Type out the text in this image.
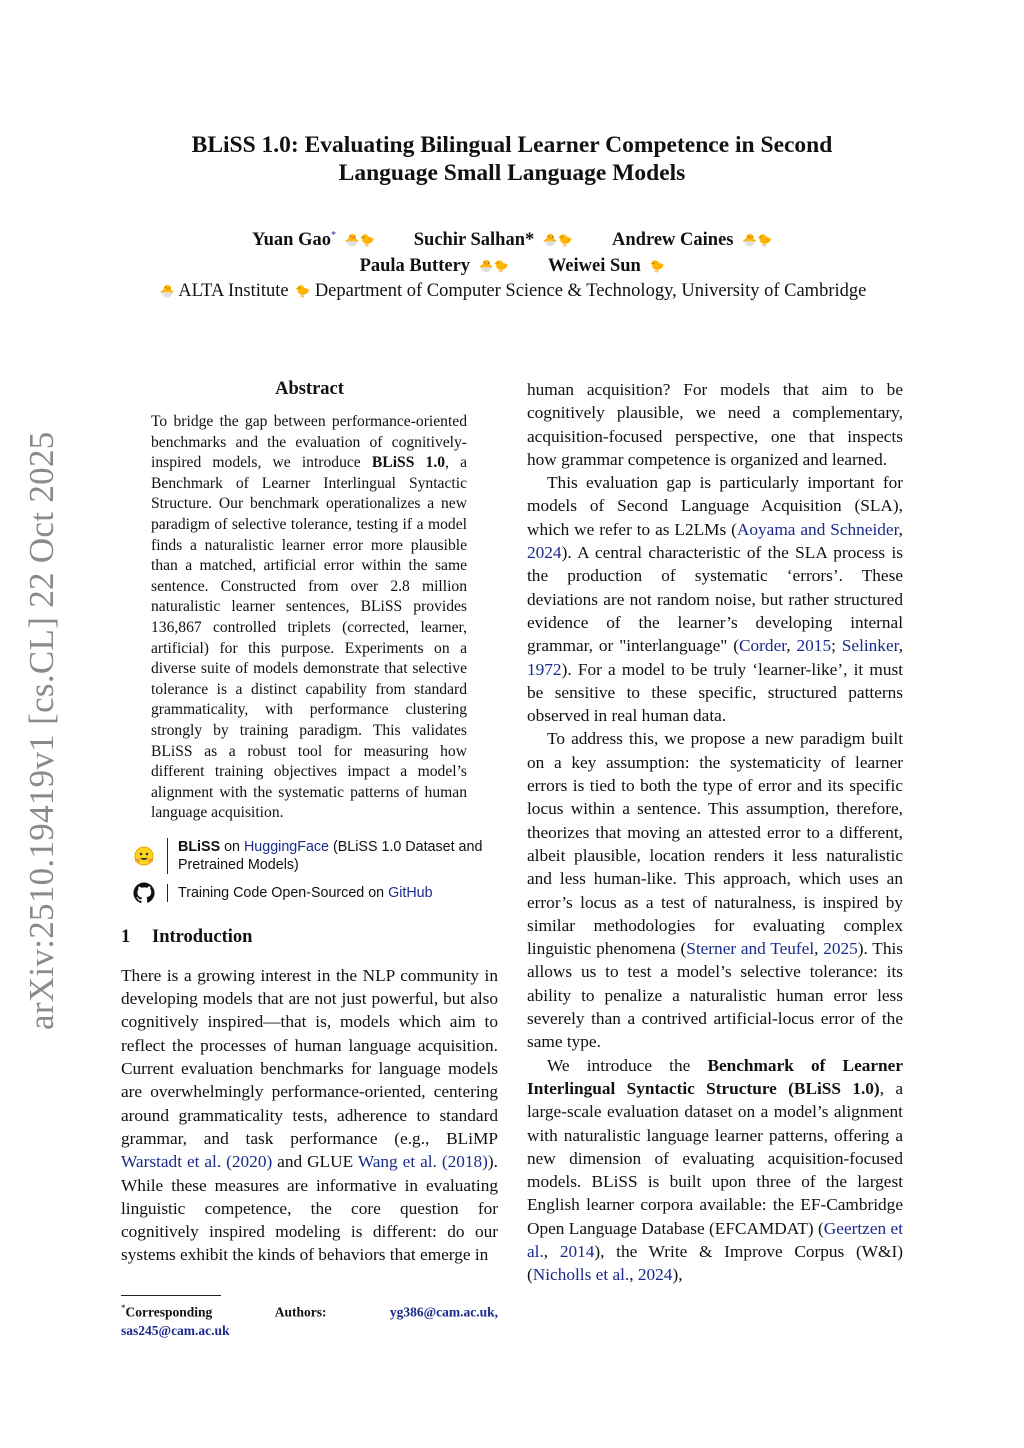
arXiv:2510.19419v1 [cs.CL] 22 Oct 2025
BLiSS 1.0: Evaluating Bilingual Learner Competence in Second
Language Small Language Models
Yuan Gao* 🐣🐤 Suchir Salhan* 🐣🐤 Andrew Caines 🐣🐤
Paula Buttery 🐣🐤 Weiwei Sun 🐤
🐣 ALTA Institute 🐤 Department of Computer Science & Technology, University of Cambridge
Abstract
To bridge the gap between performance-oriented benchmarks and the evaluation of cognitively-inspired models, we introduce BLiSS 1.0, a Benchmark of Learner Interlingual Syntactic Structure. Our benchmark operationalizes a new paradigm of selective tolerance, testing if a model finds a naturalistic learner error more plausible than a matched, artificial error within the same sentence. Constructed from over 2.8 million naturalistic learner sentences, BLiSS provides 136,867 controlled triplets (corrected, learner, artificial) for this purpose. Experiments on a diverse suite of models demonstrate that selective tolerance is a distinct capability from standard grammaticality, with performance clustering strongly by training paradigm. This validates BLiSS as a robust tool for measuring how different training objectives impact a model’s alignment with the systematic patterns of human language acquisition.
BLiSS on HuggingFace (BLiSS 1.0 Dataset and Pretrained Models)
Training Code Open-Sourced on GitHub
1 Introduction

There is a growing interest in the NLP community in developing models that are not just powerful, but also cognitively inspired—that is, models which aim to reflect the processes of human language acquisition. Current evaluation benchmarks for language models are overwhelmingly performance-oriented, centering around grammaticality tests, adherence to standard grammar, and task performance (e.g., BLiMP Warstadt et al. (2020) and GLUE Wang et al. (2018)). While these measures are informative in evaluating linguistic competence, the core question for cognitively inspired modeling is different: do our systems exhibit the kinds of behaviors that emerge in

human acquisition? For models that aim to be cognitively plausible, we need a complementary, acquisition-focused perspective, one that inspects how grammar competence is organized and learned.

This evaluation gap is particularly important for models of Second Language Acquisition (SLA), which we refer to as L2LMs (Aoyama and Schneider, 2024). A central characteristic of the SLA process is the production of systematic ‘errors’. These deviations are not random noise, but rather structured evidence of the learner’s developing internal grammar, or "interlanguage" (Corder, 2015; Selinker, 1972). For a model to be truly ‘learner-like’, it must be sensitive to these specific, structured patterns observed in real human data.

To address this, we propose a new paradigm built on a key assumption: the systematicity of learner errors is tied to both the type of error and its specific locus within a sentence. This assumption, therefore, theorizes that moving an attested error to a different, albeit plausible, location renders it less naturalistic and less human-like. This approach, which uses an error’s locus as a test of naturalness, is inspired by similar methodologies for evaluating complex linguistic phenomena (Sterner and Teufel, 2025). This allows us to test a model’s selective tolerance: its ability to penalize a naturalistic human error less severely than a contrived artificial-locus error of the same type.

We introduce the Benchmark of Learner Interlingual Syntactic Structure (BLiSS 1.0), a large-scale evaluation dataset on a model’s alignment with naturalistic language learner patterns, offering a new dimension of evaluating acquisition-focused models. BLiSS is built upon three of the largest English learner corpora available: the EF-Cambridge Open Language Database (EFCAMDAT) (Geertzen et al., 2014), the Write & Improve Corpus (W&I) (Nicholls et al., 2024),

*Corresponding	Authors:	yg386@cam.ac.uk,
sas245@cam.ac.uk
